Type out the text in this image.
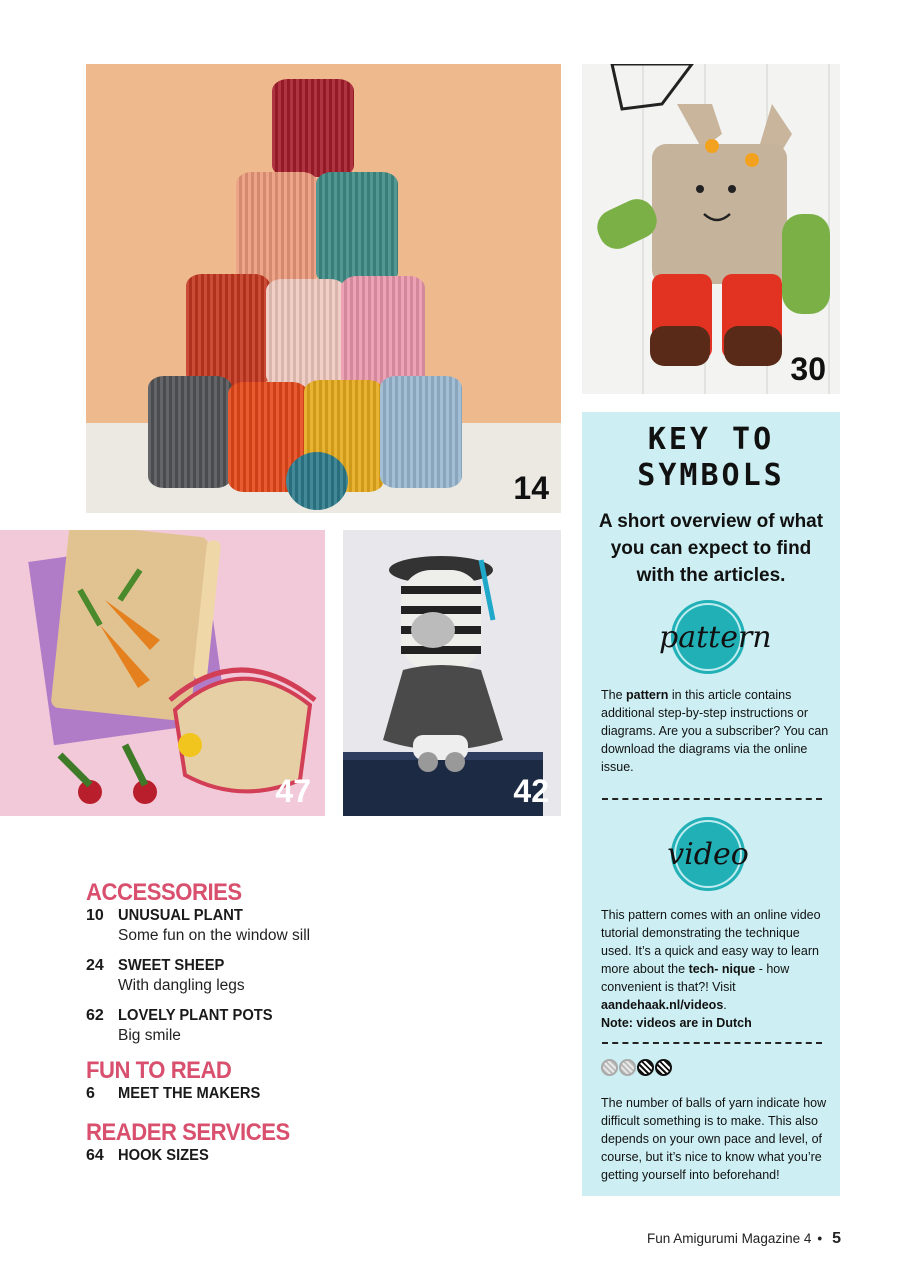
14
30
47	42
KEY TO
SYMBOLS
A short overview of what you can expect to find with the articles.
pattern
The pattern in this article contains additional step-by-step instructions or diagrams. Are you a subscriber? You can download the diagrams via the online issue.
video
This pattern comes with an online video tutorial demonstrating the technique used. It’s a quick and easy way to learn more about the tech- nique - how convenient is that?! Visit aandehaak.nl/videos.
Note: videos are in Dutch
The number of balls of yarn indicate how difficult something is to make. This also depends on your own pace and level, of course, but it’s nice to know what you’re getting yourself into beforehand!
ACCESSORIES
10 UNUSUAL PLANT
Some fun on the window sill
24 SWEET SHEEP
With dangling legs
62 LOVELY PLANT POTS
Big smile
FUN TO READ
6 MEET THE MAKERS
READER SERVICES
64 HOOK SIZES
Fun Amigurumi Magazine 4 • 5
